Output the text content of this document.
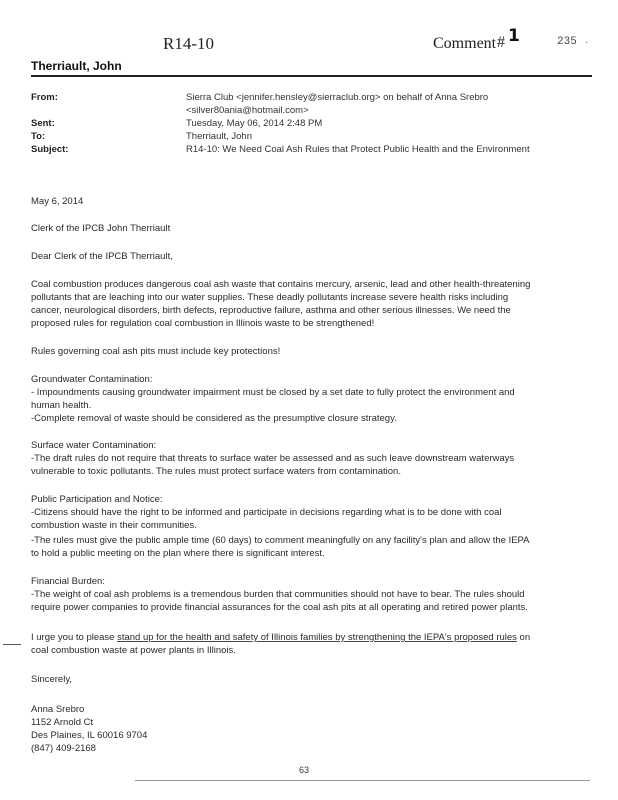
R14-10	Comment # 1	235 ·
Therriault, John
From:	Sierra Club <jennifer.hensley@sierraclub.org> on behalf of Anna Srebro
<silver80ania@hotmail.com>
Sent:	Tuesday, May 06, 2014 2:48 PM
To:	Therriault, John
Subject:	R14-10: We Need Coal Ash Rules that Protect Public Health and the Environment
May 6, 2014
Clerk of the IPCB John Therriault
Dear Clerk of the IPCB Therriault,
Coal combustion produces dangerous coal ash waste that contains mercury, arsenic, lead and other health-threatening
pollutants that are leaching into our water supplies. These deadly pollutants increase severe health risks including
cancer, neurological disorders, birth defects, reproductive failure, asthma and other serious illnesses. We need the
proposed rules for regulation coal combustion in Illinois waste to be strengthened!
Rules governing coal ash pits must include key protections!
Groundwater Contamination:
- Impoundments causing groundwater impairment must be closed by a set date to fully protect the environment and
human health.
-Complete removal of waste should be considered as the presumptive closure strategy.
Surface water Contamination:
-The draft rules do not require that threats to surface water be assessed and as such leave downstream waterways
vulnerable to toxic pollutants. The rules must protect surface waters from contamination.
Public Participation and Notice:
-Citizens should have the right to be informed and participate in decisions regarding what is to be done with coal
combustion waste in their communities.
-The rules must give the public ample time (60 days) to comment meaningfully on any facility's plan and allow the IEPA
to hold a public meeting on the plan where there is significant interest.
Financial Burden:
-The weight of coal ash problems is a tremendous burden that communities should not have to bear. The rules should
require power companies to provide financial assurances for the coal ash pits at all operating and retired power plants.
I urge you to please stand up for the health and safety of Illinois families by strengthening the IEPA's proposed rules on
coal combustion waste at power plants in Illinois.
Sincerely,
Anna Srebro
1152 Arnold Ct
Des Plaines, IL 60016 9704
(847) 409-2168
63
